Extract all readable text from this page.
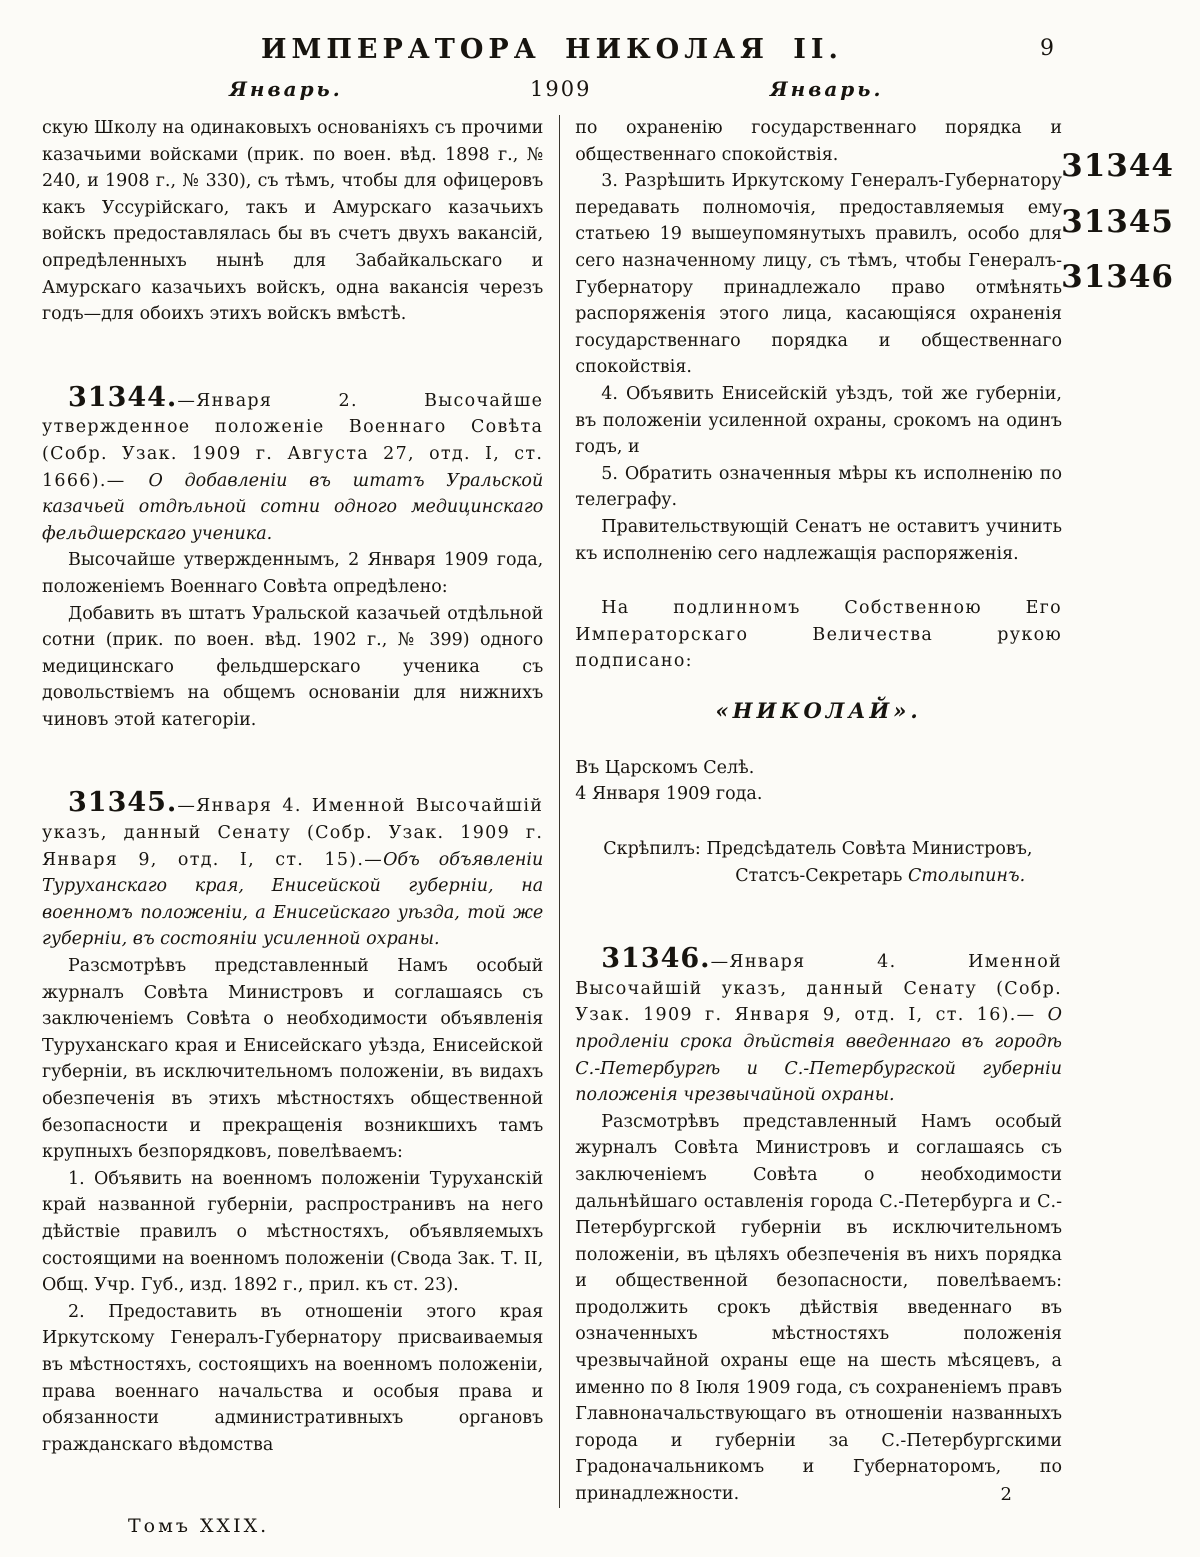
ИМПЕРАТОРА НИКОЛАЯ II.	9
Январь.	1909	Январь.

скую Школу на одинаковыхъ основаніяхъ съ прочими казачьими войсками (прик. по воен. вѣд. 1898 г., № 240, и 1908 г., № 330), съ тѣмъ, чтобы для офицеровъ какъ Уссурійскаго, такъ и Амурскаго казачьихъ войскъ предоставлялась бы въ счетъ двухъ вакансій, опредѣленныхъ нынѣ для Забайкальскаго и Амурскаго казачьихъ войскъ, одна вакансія черезъ годъ—для обоихъ этихъ войскъ вмѣстѣ.

31344.—Января 2. Высочайше утвержденное положеніе Военнаго Совѣта (Собр. Узак. 1909 г. Августа 27, отд. I, ст. 1666).— О добавленіи въ штатъ Уральской казачьей отдѣльной сотни одного медицинскаго фельдшерскаго ученика.

Высочайше утвержденнымъ, 2 Января 1909 года, положеніемъ Военнаго Совѣта опредѣлено:

Добавить въ штатъ Уральской казачьей отдѣльной сотни (прик. по воен. вѣд. 1902 г., № 399) одного медицинскаго фельдшерскаго ученика съ довольствіемъ на общемъ основаніи для нижнихъ чиновъ этой категоріи.

31345.—Января 4. Именной Высочайшій указъ, данный Сенату (Собр. Узак. 1909 г. Января 9, отд. I, ст. 15).—Объ объявленіи Туруханскаго края, Енисейской губерніи, на военномъ положеніи, а Енисейскаго уѣзда, той же губерніи, въ состояніи усиленной охраны.

Разсмотрѣвъ представленный Намъ особый журналъ Совѣта Министровъ и соглашаясь съ заключеніемъ Совѣта о необходимости объявленія Туруханскаго края и Енисейскаго уѣзда, Енисейской губерніи, въ исключительномъ положеніи, въ видахъ обезпеченія въ этихъ мѣстностяхъ общественной безопасности и прекращенія возникшихъ тамъ крупныхъ безпорядковъ, повелѣваемъ:

1. Объявить на военномъ положеніи Туруханскій край названной губерніи, распространивъ на него дѣйствіе правилъ о мѣстностяхъ, объявляемыхъ состоящими на военномъ положеніи (Свода Зак. Т. II, Общ. Учр. Губ., изд. 1892 г., прил. къ ст. 23).

2. Предоставить въ отношеніи этого края Иркутскому Генералъ-Губернатору присваиваемыя въ мѣстностяхъ, состоящихъ на военномъ положеніи, права военнаго начальства и особыя права и обязанности административныхъ органовъ гражданскаго вѣдомства

по охраненію государственнаго порядка и общественнаго спокойствія.

3. Разрѣшить Иркутскому Генералъ-Губернатору передавать полномочія, предоставляемыя ему статьею 19 вышеупомянутыхъ правилъ, особо для сего назначенному лицу, съ тѣмъ, чтобы Генералъ-Губернатору принадлежало право отмѣнять распоряженія этого лица, касающіяся охраненія государственнаго порядка и общественнаго спокойствія.

4. Объявить Енисейскій уѣздъ, той же губерніи, въ положеніи усиленной охраны, срокомъ на одинъ годъ, и

5. Обратить означенныя мѣры къ исполненію по телеграфу.

Правительствующій Сенатъ не оставитъ учинить къ исполненію сего надлежащія распоряженія.

На подлинномъ Собственною Его Императорскаго Величества рукою подписано:

«НИКОЛАЙ».

Въ Царскомъ Селѣ.

4 Января 1909 года.

Скрѣпилъ: Предсѣдатель Совѣта Министровъ,

Статсъ-Секретарь Столыпинъ.

31346.—Января 4. Именной Высочайшій указъ, данный Сенату (Собр. Узак. 1909 г. Января 9, отд. I, ст. 16).— О продленіи срока дѣйствія введеннаго въ городѣ С.-Петербургѣ и С.-Петербургской губерніи положенія чрезвычайной охраны.

Разсмотрѣвъ представленный Намъ особый журналъ Совѣта Министровъ и соглашаясь съ заключеніемъ Совѣта о необходимости дальнѣйшаго оставленія города С.-Петербурга и С.-Петербургской губерніи въ исключительномъ положеніи, въ цѣляхъ обезпеченія въ нихъ порядка и общественной безопасности, повелѣваемъ: продолжить срокъ дѣйствія введеннаго въ означенныхъ мѣстностяхъ положенія чрезвычайной охраны еще на шесть мѣсяцевъ, а именно по 8 Іюля 1909 года, съ сохраненіемъ правъ Главноначальствующаго въ отношеніи названныхъ города и губерніи за С.-Петербургскими Градоначальникомъ и Губернаторомъ, по принадлежности.

31344
31345
31346
Томъ XXIX.
2
